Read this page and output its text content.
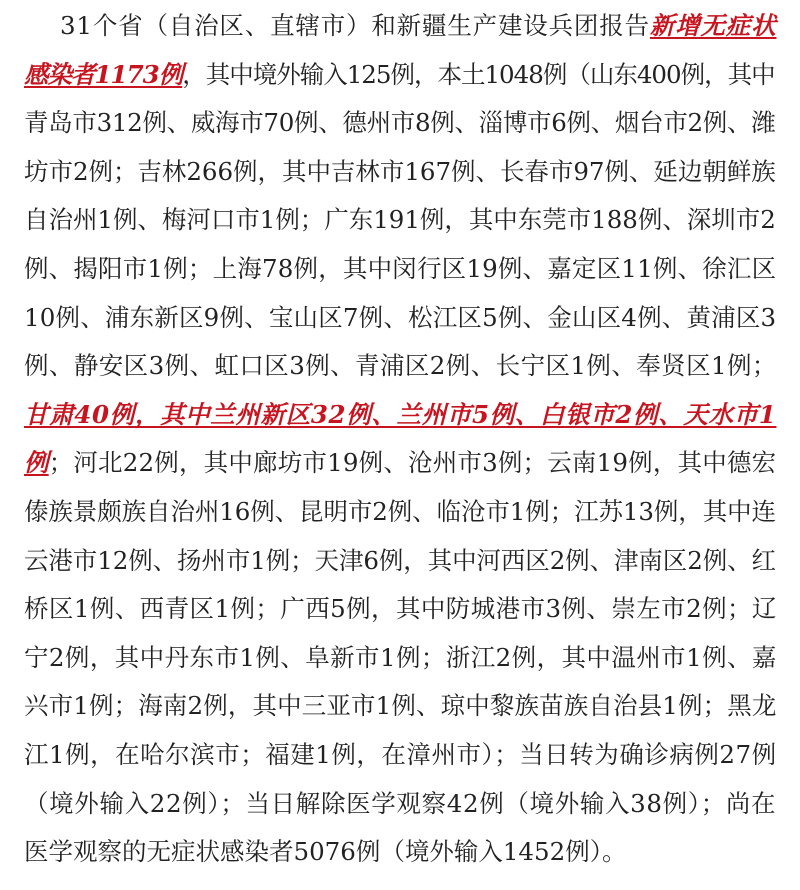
31个省（自治区、直辖市）和新疆生产建设兵团报告新增无症状
感染者1173例，其中境外输入125例，本土1048例（山东400例，其中
青岛市312例、威海市70例、德州市8例、淄博市6例、烟台市2例、潍
坊市2例；吉林266例，其中吉林市167例、长春市97例、延边朝鲜族
自治州1例、梅河口市1例；广东191例，其中东莞市188例、深圳市2
例、揭阳市1例；上海78例，其中闵行区19例、嘉定区11例、徐汇区
10例、浦东新区9例、宝山区7例、松江区5例、金山区4例、黄浦区3
例、静安区3例、虹口区3例、青浦区2例、长宁区1例、奉贤区1例；
甘肃40例，其中兰州新区32例、兰州市5例、白银市2例、天水市1
例；河北22例，其中廊坊市19例、沧州市3例；云南19例，其中德宏
傣族景颇族自治州16例、昆明市2例、临沧市1例；江苏13例，其中连
云港市12例、扬州市1例；天津6例，其中河西区2例、津南区2例、红
桥区1例、西青区1例；广西5例，其中防城港市3例、崇左市2例；辽
宁2例，其中丹东市1例、阜新市1例；浙江2例，其中温州市1例、嘉
兴市1例；海南2例，其中三亚市1例、琼中黎族苗族自治县1例；黑龙
江1例，在哈尔滨市；福建1例，在漳州市）；当日转为确诊病例27例
（境外输入22例）；当日解除医学观察42例（境外输入38例）；尚在
医学观察的无症状感染者5076例（境外输入1452例）。
